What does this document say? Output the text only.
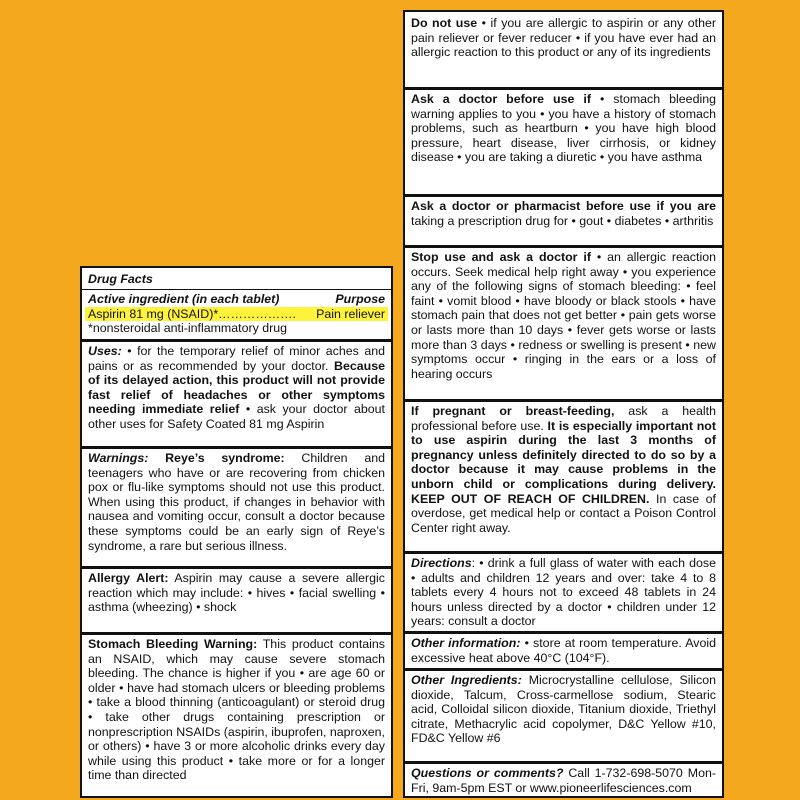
Drug Facts
Active ingredient (in each tablet)	Purpose
Aspirin 81 mg (NSAID)* ……………….	Pain reliever
*nonsteroidal anti-inflammatory drug
Uses: • for the temporary relief of minor aches and pains or as recommended by your doctor. Because of its delayed action, this product will not provide fast relief of headaches or other symptoms needing immediate relief • ask your doctor about other uses for Safety Coated 81 mg Aspirin
Warnings: Reye’s syndrome: Children and teenagers who have or are recovering from chicken pox or flu-like symptoms should not use this product. When using this product, if changes in behavior with nausea and vomiting occur, consult a doctor because these symptoms could be an early sign of Reye’s syndrome, a rare but serious illness.
Allergy Alert: Aspirin may cause a severe allergic reaction which may include: • hives • facial swelling • asthma (wheezing) • shock
Stomach Bleeding Warning: This product contains an NSAID, which may cause severe stomach bleeding. The chance is higher if you • are age 60 or older • have had stomach ulcers or bleeding problems • take a blood thinning (anticoagulant) or steroid drug • take other drugs containing prescription or nonprescription NSAIDs (aspirin, ibuprofen, naproxen, or others) • have 3 or more alcoholic drinks every day while using this product • take more or for a longer time than directed
Do not use • if you are allergic to aspirin or any other pain reliever or fever reducer • if you have ever had an allergic reaction to this product or any of its ingredients
Ask a doctor before use if • stomach bleeding warning applies to you • you have a history of stomach problems, such as heartburn • you have high blood pressure, heart disease, liver cirrhosis, or kidney disease • you are taking a diuretic • you have asthma
Ask a doctor or pharmacist before use if you are taking a prescription drug for • gout • diabetes • arthritis
Stop use and ask a doctor if • an allergic reaction occurs. Seek medical help right away • you experience any of the following signs of stomach bleeding: • feel faint • vomit blood • have bloody or black stools • have stomach pain that does not get better • pain gets worse or lasts more than 10 days • fever gets worse or lasts more than 3 days • redness or swelling is present • new symptoms occur • ringing in the ears or a loss of hearing occurs
If pregnant or breast-feeding, ask a health professional before use. It is especially important not to use aspirin during the last 3 months of pregnancy unless definitely directed to do so by a doctor because it may cause problems in the unborn child or complications during delivery. KEEP OUT OF REACH OF CHILDREN. In case of overdose, get medical help or contact a Poison Control Center right away.
Directions: • drink a full glass of water with each dose • adults and children 12 years and over: take 4 to 8 tablets every 4 hours not to exceed 48 tablets in 24 hours unless directed by a doctor • children under 12 years: consult a doctor
Other information: • store at room temperature. Avoid excessive heat above 40°C (104°F).
Other Ingredients: Microcrystalline cellulose, Silicon dioxide, Talcum, Cross-carmellose sodium, Stearic acid, Colloidal silicon dioxide, Titanium dioxide, Triethyl citrate, Methacrylic acid copolymer, D&C Yellow #10, FD&C Yellow #6
Questions or comments? Call 1-732-698-5070 Mon-Fri, 9am-5pm EST or www.pioneerlifesciences.com
